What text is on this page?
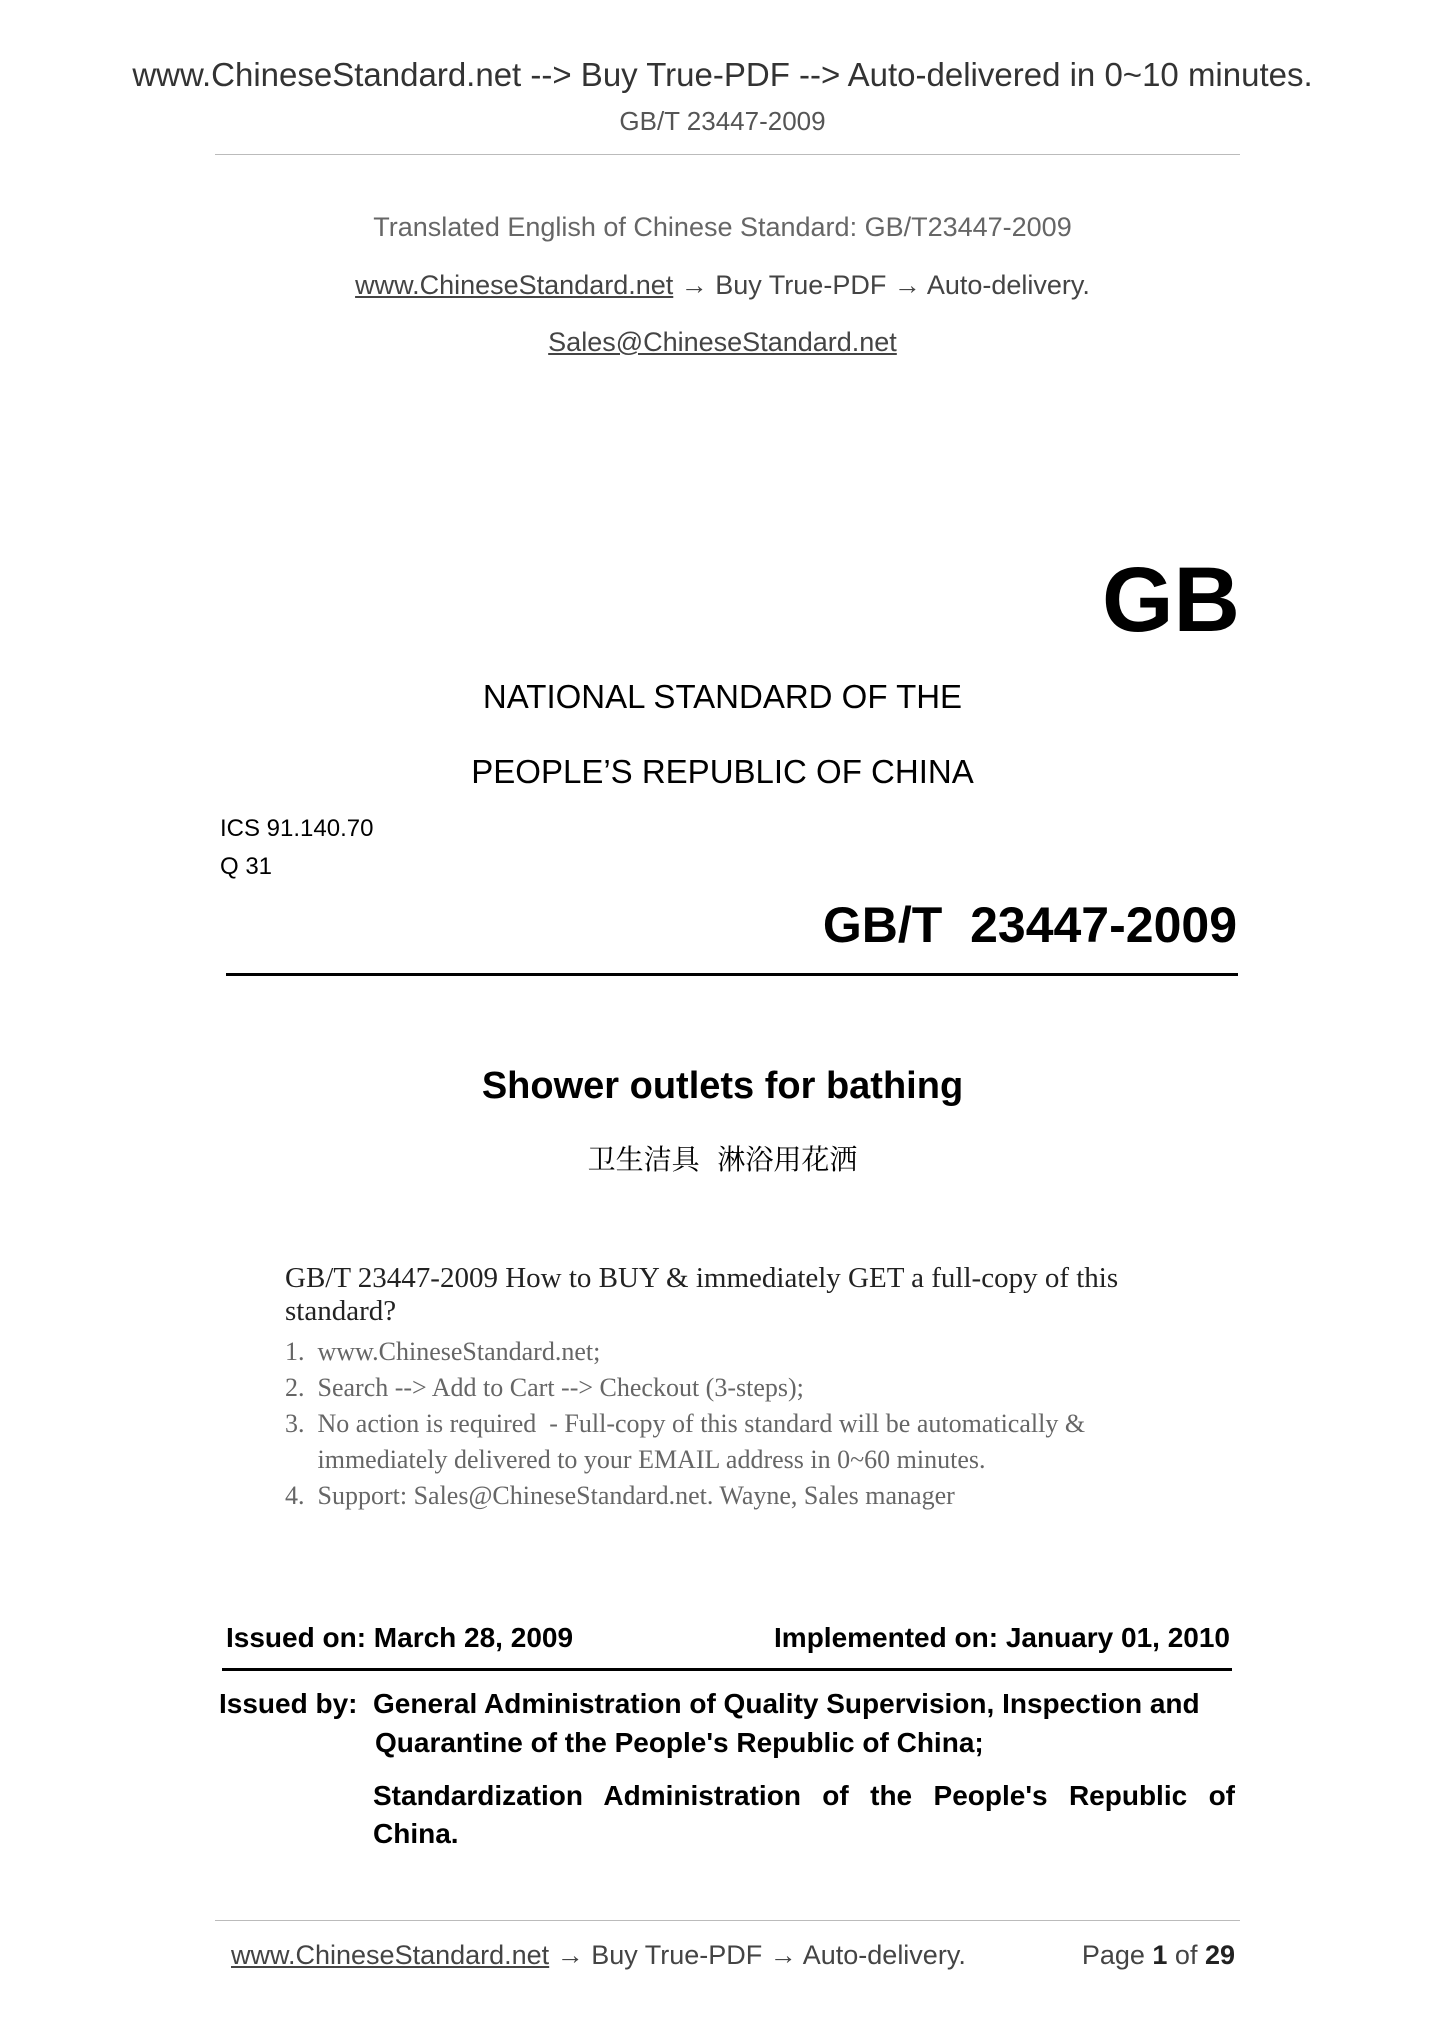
www.ChineseStandard.net --> Buy True-PDF --> Auto-delivered in 0~10 minutes.
GB/T 23447-2009
Translated English of Chinese Standard: GB/T23447-2009
www.ChineseStandard.net → Buy True-PDF → Auto-delivery.
Sales@ChineseStandard.net
GB
NATIONAL STANDARD OF THE
PEOPLE’S REPUBLIC OF CHINA
ICS 91.140.70
Q 31
GB/T  23447-2009
Shower outlets for bathing
卫生洁具  淋浴用花洒
GB/T 23447-2009 How to BUY & immediately GET a full-copy of this standard?
1.  www.ChineseStandard.net;
2.  Search --> Add to Cart --> Checkout (3-steps);
3.  No action is required  - Full-copy of this standard will be automatically &
immediately delivered to your EMAIL address in 0~60 minutes.
4.  Support: Sales@ChineseStandard.net. Wayne, Sales manager
Issued on: March 28, 2009	Implemented on: January 01, 2010
Issued by: General Administration of Quality Supervision, Inspection and
Quarantine of the People's Republic of China;
Standardization Administration of the People's Republic of
China.
www.ChineseStandard.net → Buy True-PDF → Auto-delivery.	Page 1 of 29
